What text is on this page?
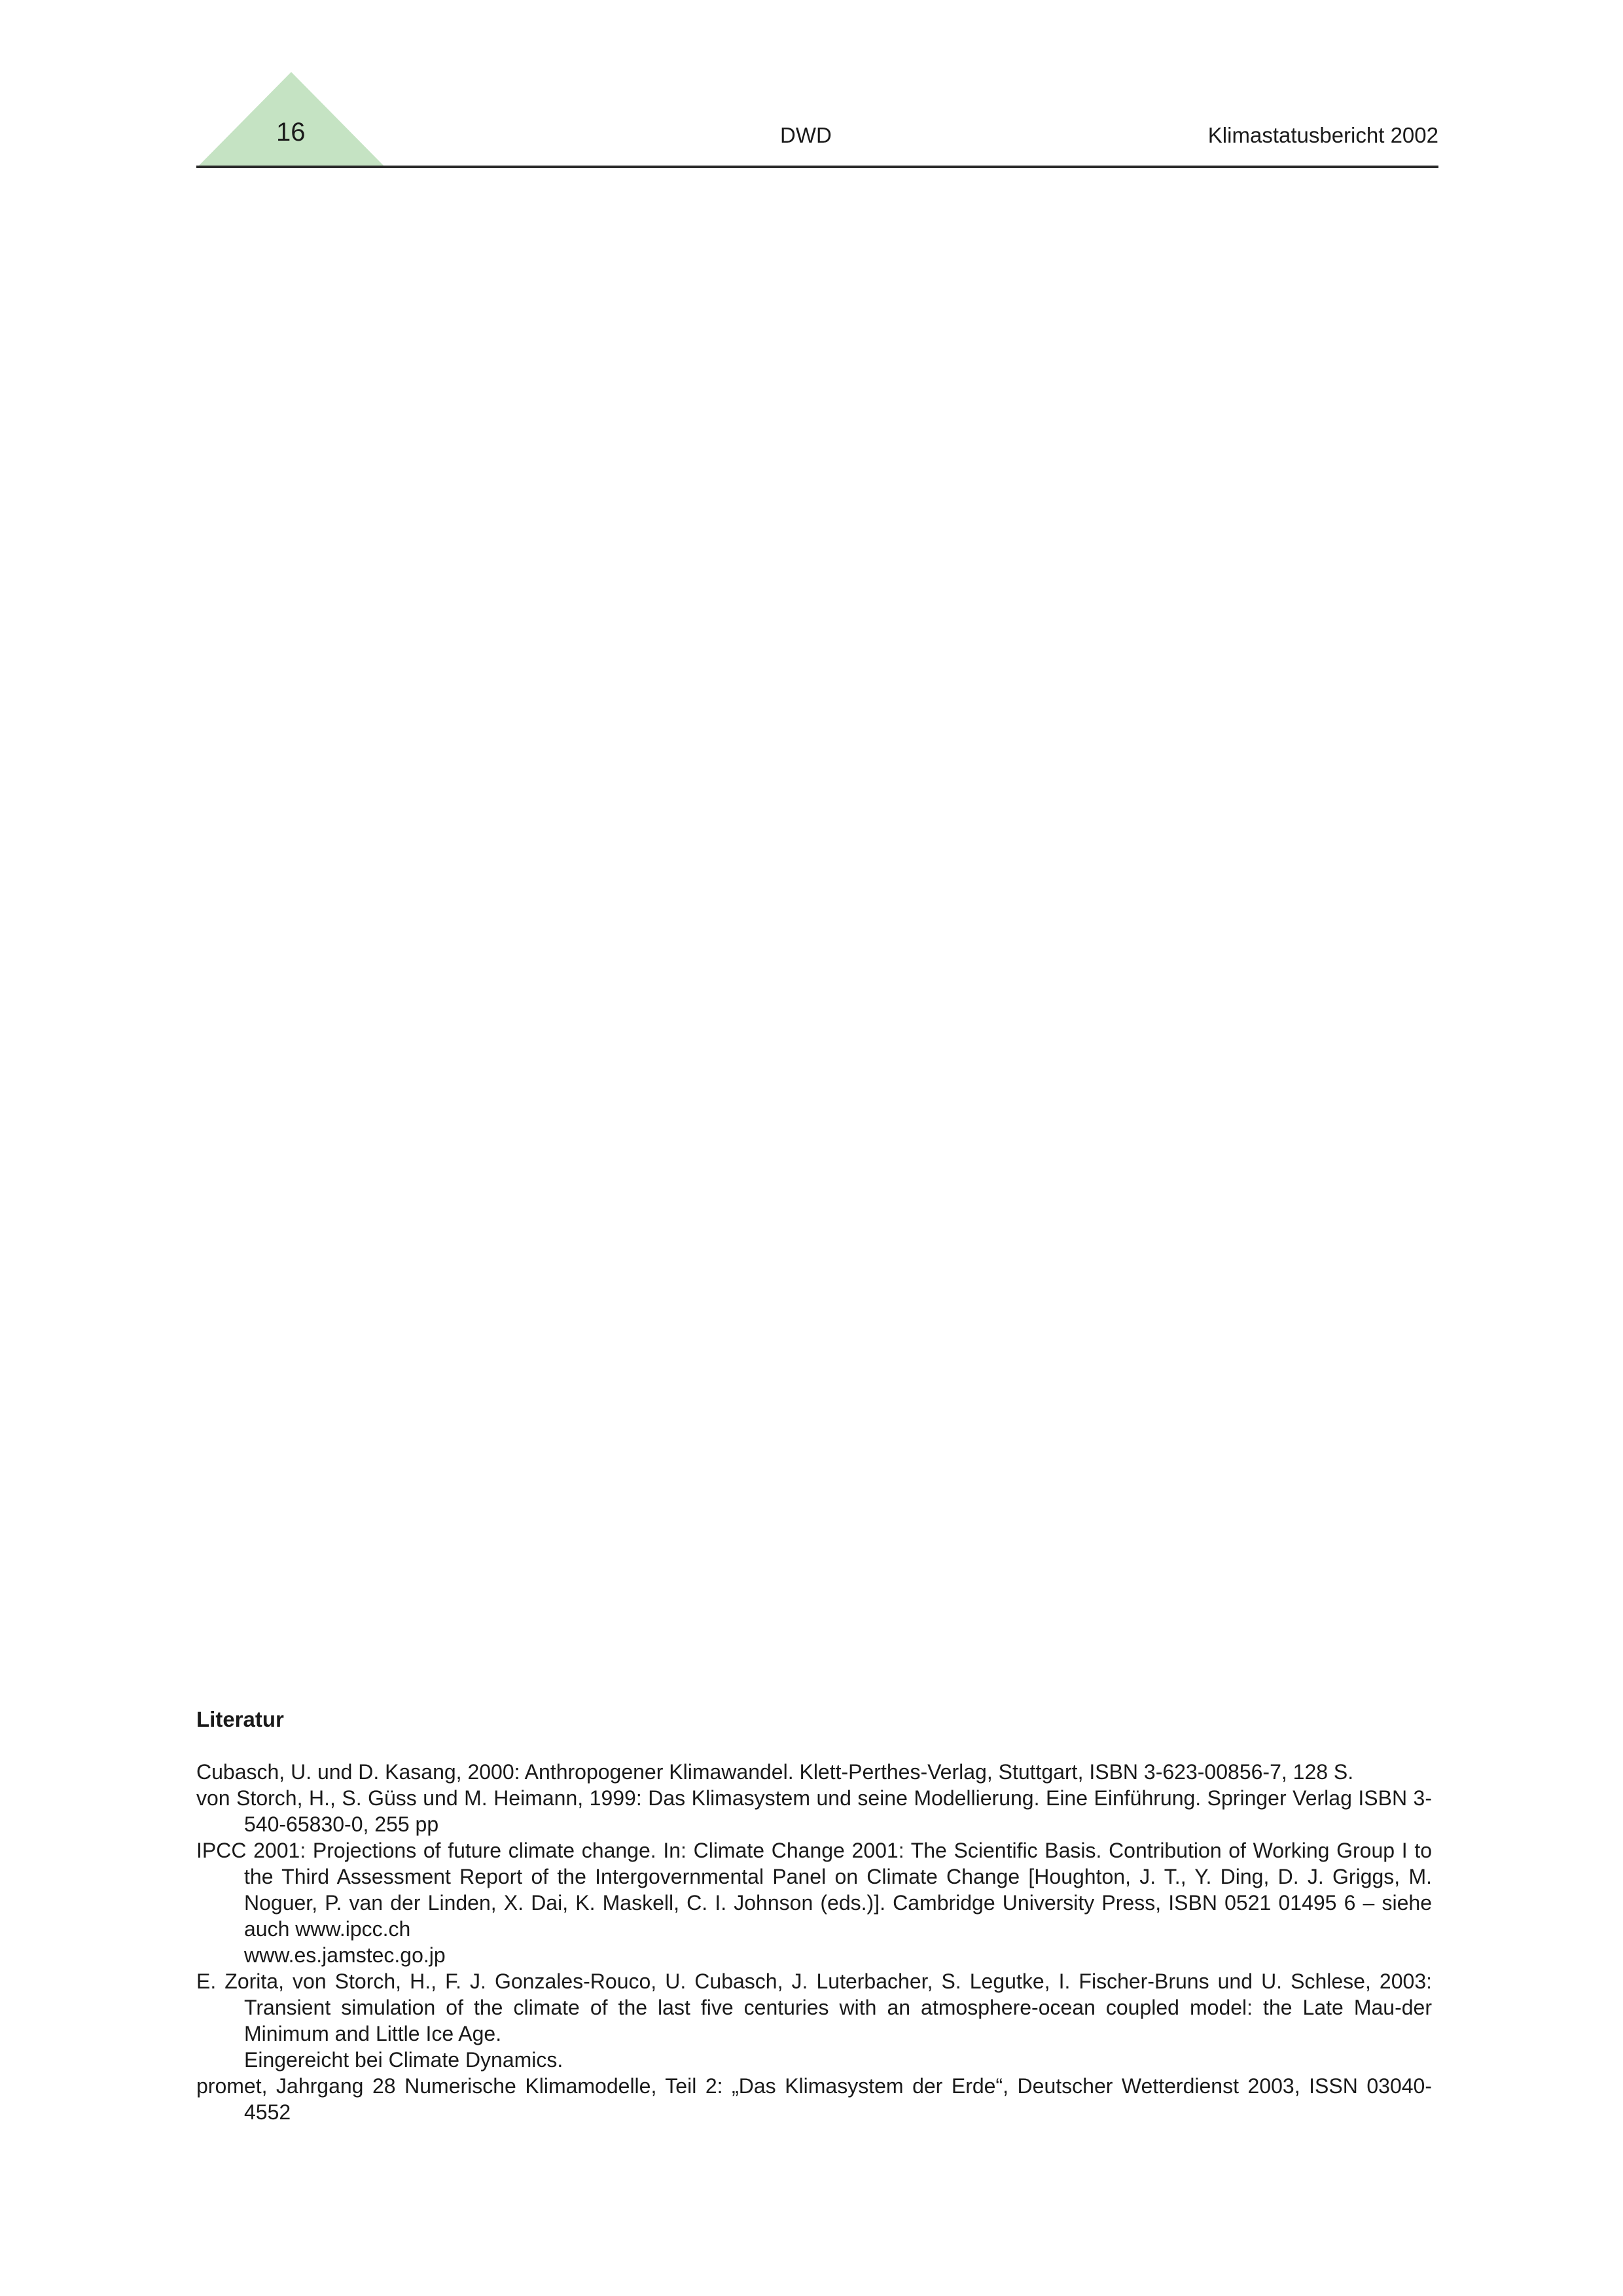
16	DWD	Klimastatusbericht 2002
Literatur
Cubasch, U. und D. Kasang, 2000: Anthropogener Klimawandel. Klett-Perthes-Verlag, Stuttgart, ISBN 3-623-00856-7, 128 S.
von Storch, H., S. Güss und M. Heimann, 1999: Das Klimasystem und seine Modellierung. Eine Einführung. Springer Verlag ISBN 3-540-65830-0, 255 pp
IPCC 2001: Projections of future climate change. In: Climate Change 2001: The Scientific Basis. Contribution of Working Group I to the Third Assessment Report of the Intergovernmental Panel on Climate Change [Houghton, J. T., Y. Ding, D. J. Griggs, M. Noguer, P. van der Linden, X. Dai, K. Maskell, C. I. Johnson (eds.)]. Cambridge University Press, ISBN 0521 01495 6 – siehe auch www.ipcc.ch
www.es.jamstec.go.jp
E. Zorita, von Storch, H., F. J. Gonzales-Rouco, U. Cubasch, J. Luterbacher, S. Legutke, I. Fischer-Bruns und U. Schlese, 2003: Transient simulation of the climate of the last five centuries with an atmosphere-ocean coupled model: the Late Mau-der Minimum and Little Ice Age.
Eingereicht bei Climate Dynamics.
promet, Jahrgang 28 Numerische Klimamodelle, Teil 2: „Das Klimasystem der Erde“, Deutscher Wetterdienst 2003, ISSN 03040-4552
